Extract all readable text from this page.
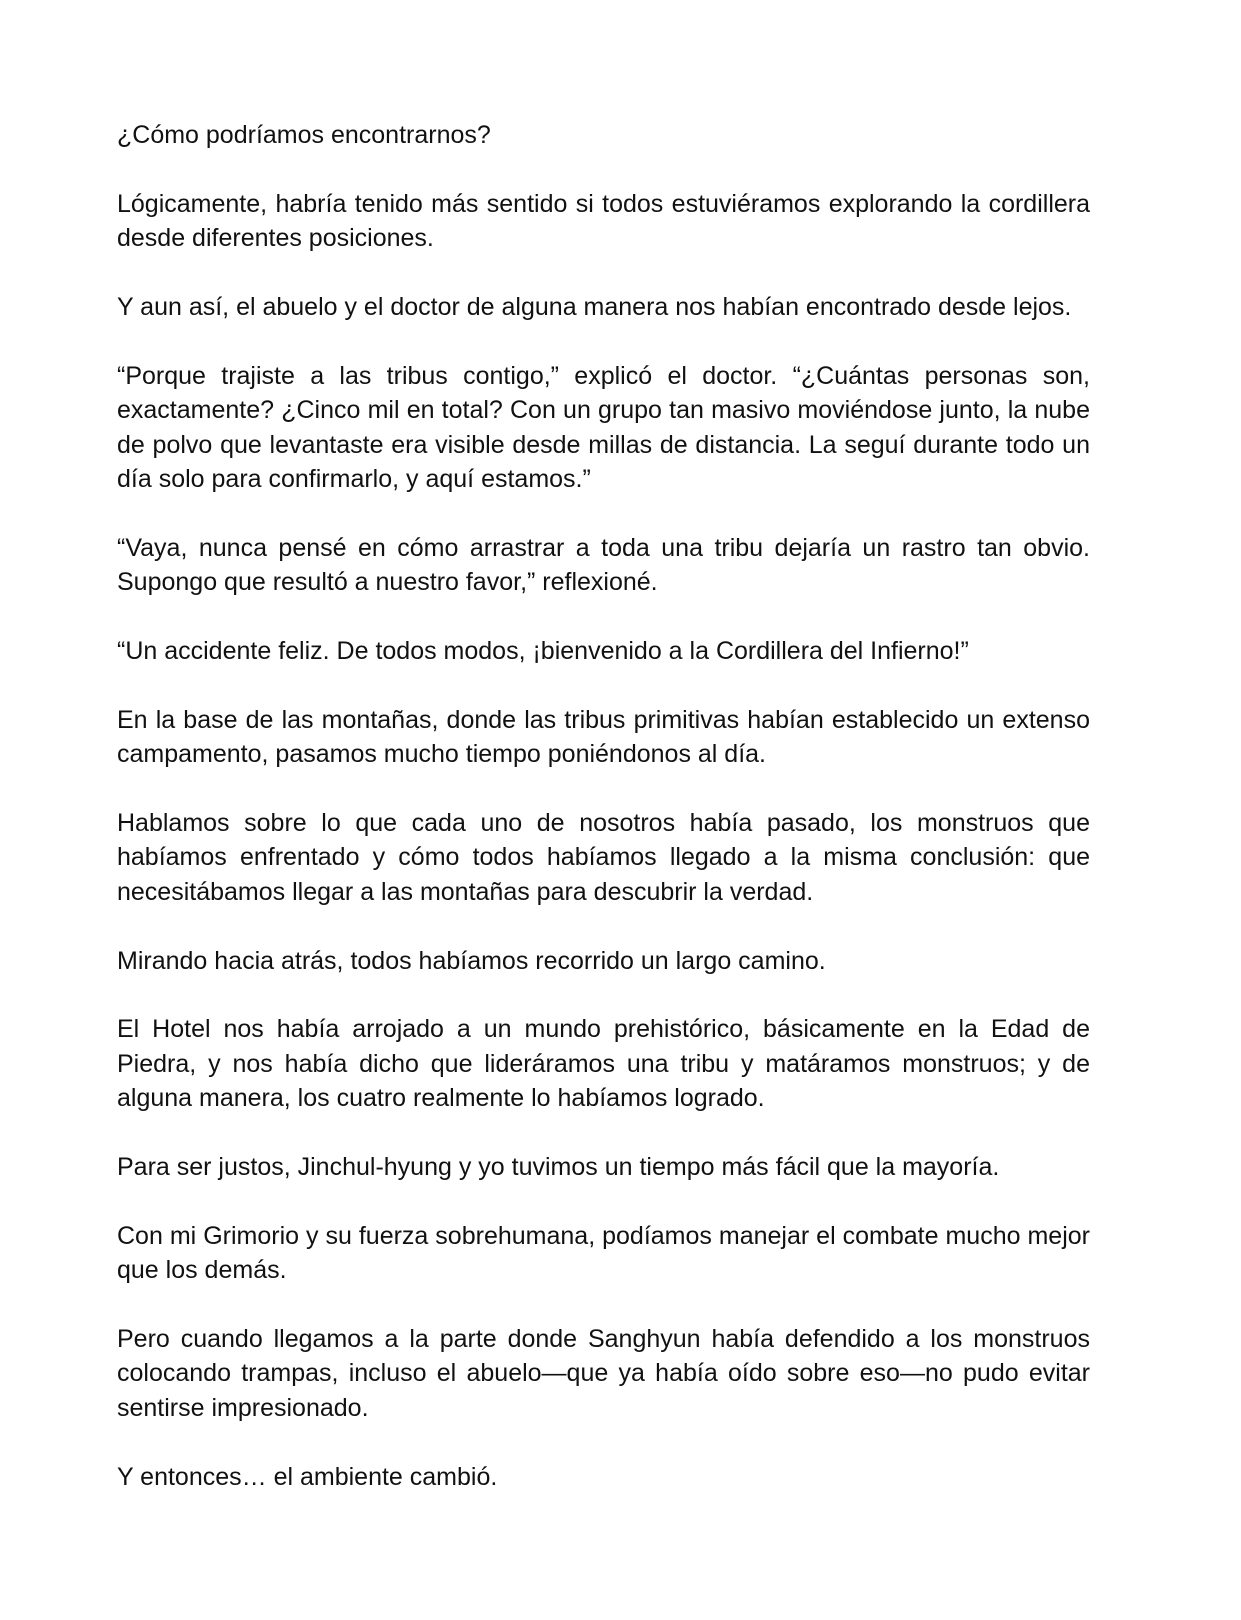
¿Cómo podríamos encontrarnos?

Lógicamente, habría tenido más sentido si todos estuviéramos explorando la cordillera desde diferentes posiciones.

Y aun así, el abuelo y el doctor de alguna manera nos habían encontrado desde lejos.

“Porque trajiste a las tribus contigo,” explicó el doctor. “¿Cuántas personas son, exactamente? ¿Cinco mil en total? Con un grupo tan masivo moviéndose junto, la nube de polvo que levantaste era visible desde millas de distancia. La seguí durante todo un día solo para confirmarlo, y aquí estamos.”

“Vaya, nunca pensé en cómo arrastrar a toda una tribu dejaría un rastro tan obvio. Supongo que resultó a nuestro favor,” reflexioné.

“Un accidente feliz. De todos modos, ¡bienvenido a la Cordillera del Infierno!”

En la base de las montañas, donde las tribus primitivas habían establecido un extenso campamento, pasamos mucho tiempo poniéndonos al día.

Hablamos sobre lo que cada uno de nosotros había pasado, los monstruos que habíamos enfrentado y cómo todos habíamos llegado a la misma conclusión: que necesitábamos llegar a las montañas para descubrir la verdad.

Mirando hacia atrás, todos habíamos recorrido un largo camino.

El Hotel nos había arrojado a un mundo prehistórico, básicamente en la Edad de Piedra, y nos había dicho que lideráramos una tribu y matáramos monstruos; y de alguna manera, los cuatro realmente lo habíamos logrado.

Para ser justos, Jinchul-hyung y yo tuvimos un tiempo más fácil que la mayoría.

Con mi Grimorio y su fuerza sobrehumana, podíamos manejar el combate mucho mejor que los demás.

Pero cuando llegamos a la parte donde Sanghyun había defendido a los monstruos colocando trampas, incluso el abuelo—que ya había oído sobre eso—no pudo evitar sentirse impresionado.

Y entonces… el ambiente cambió.
